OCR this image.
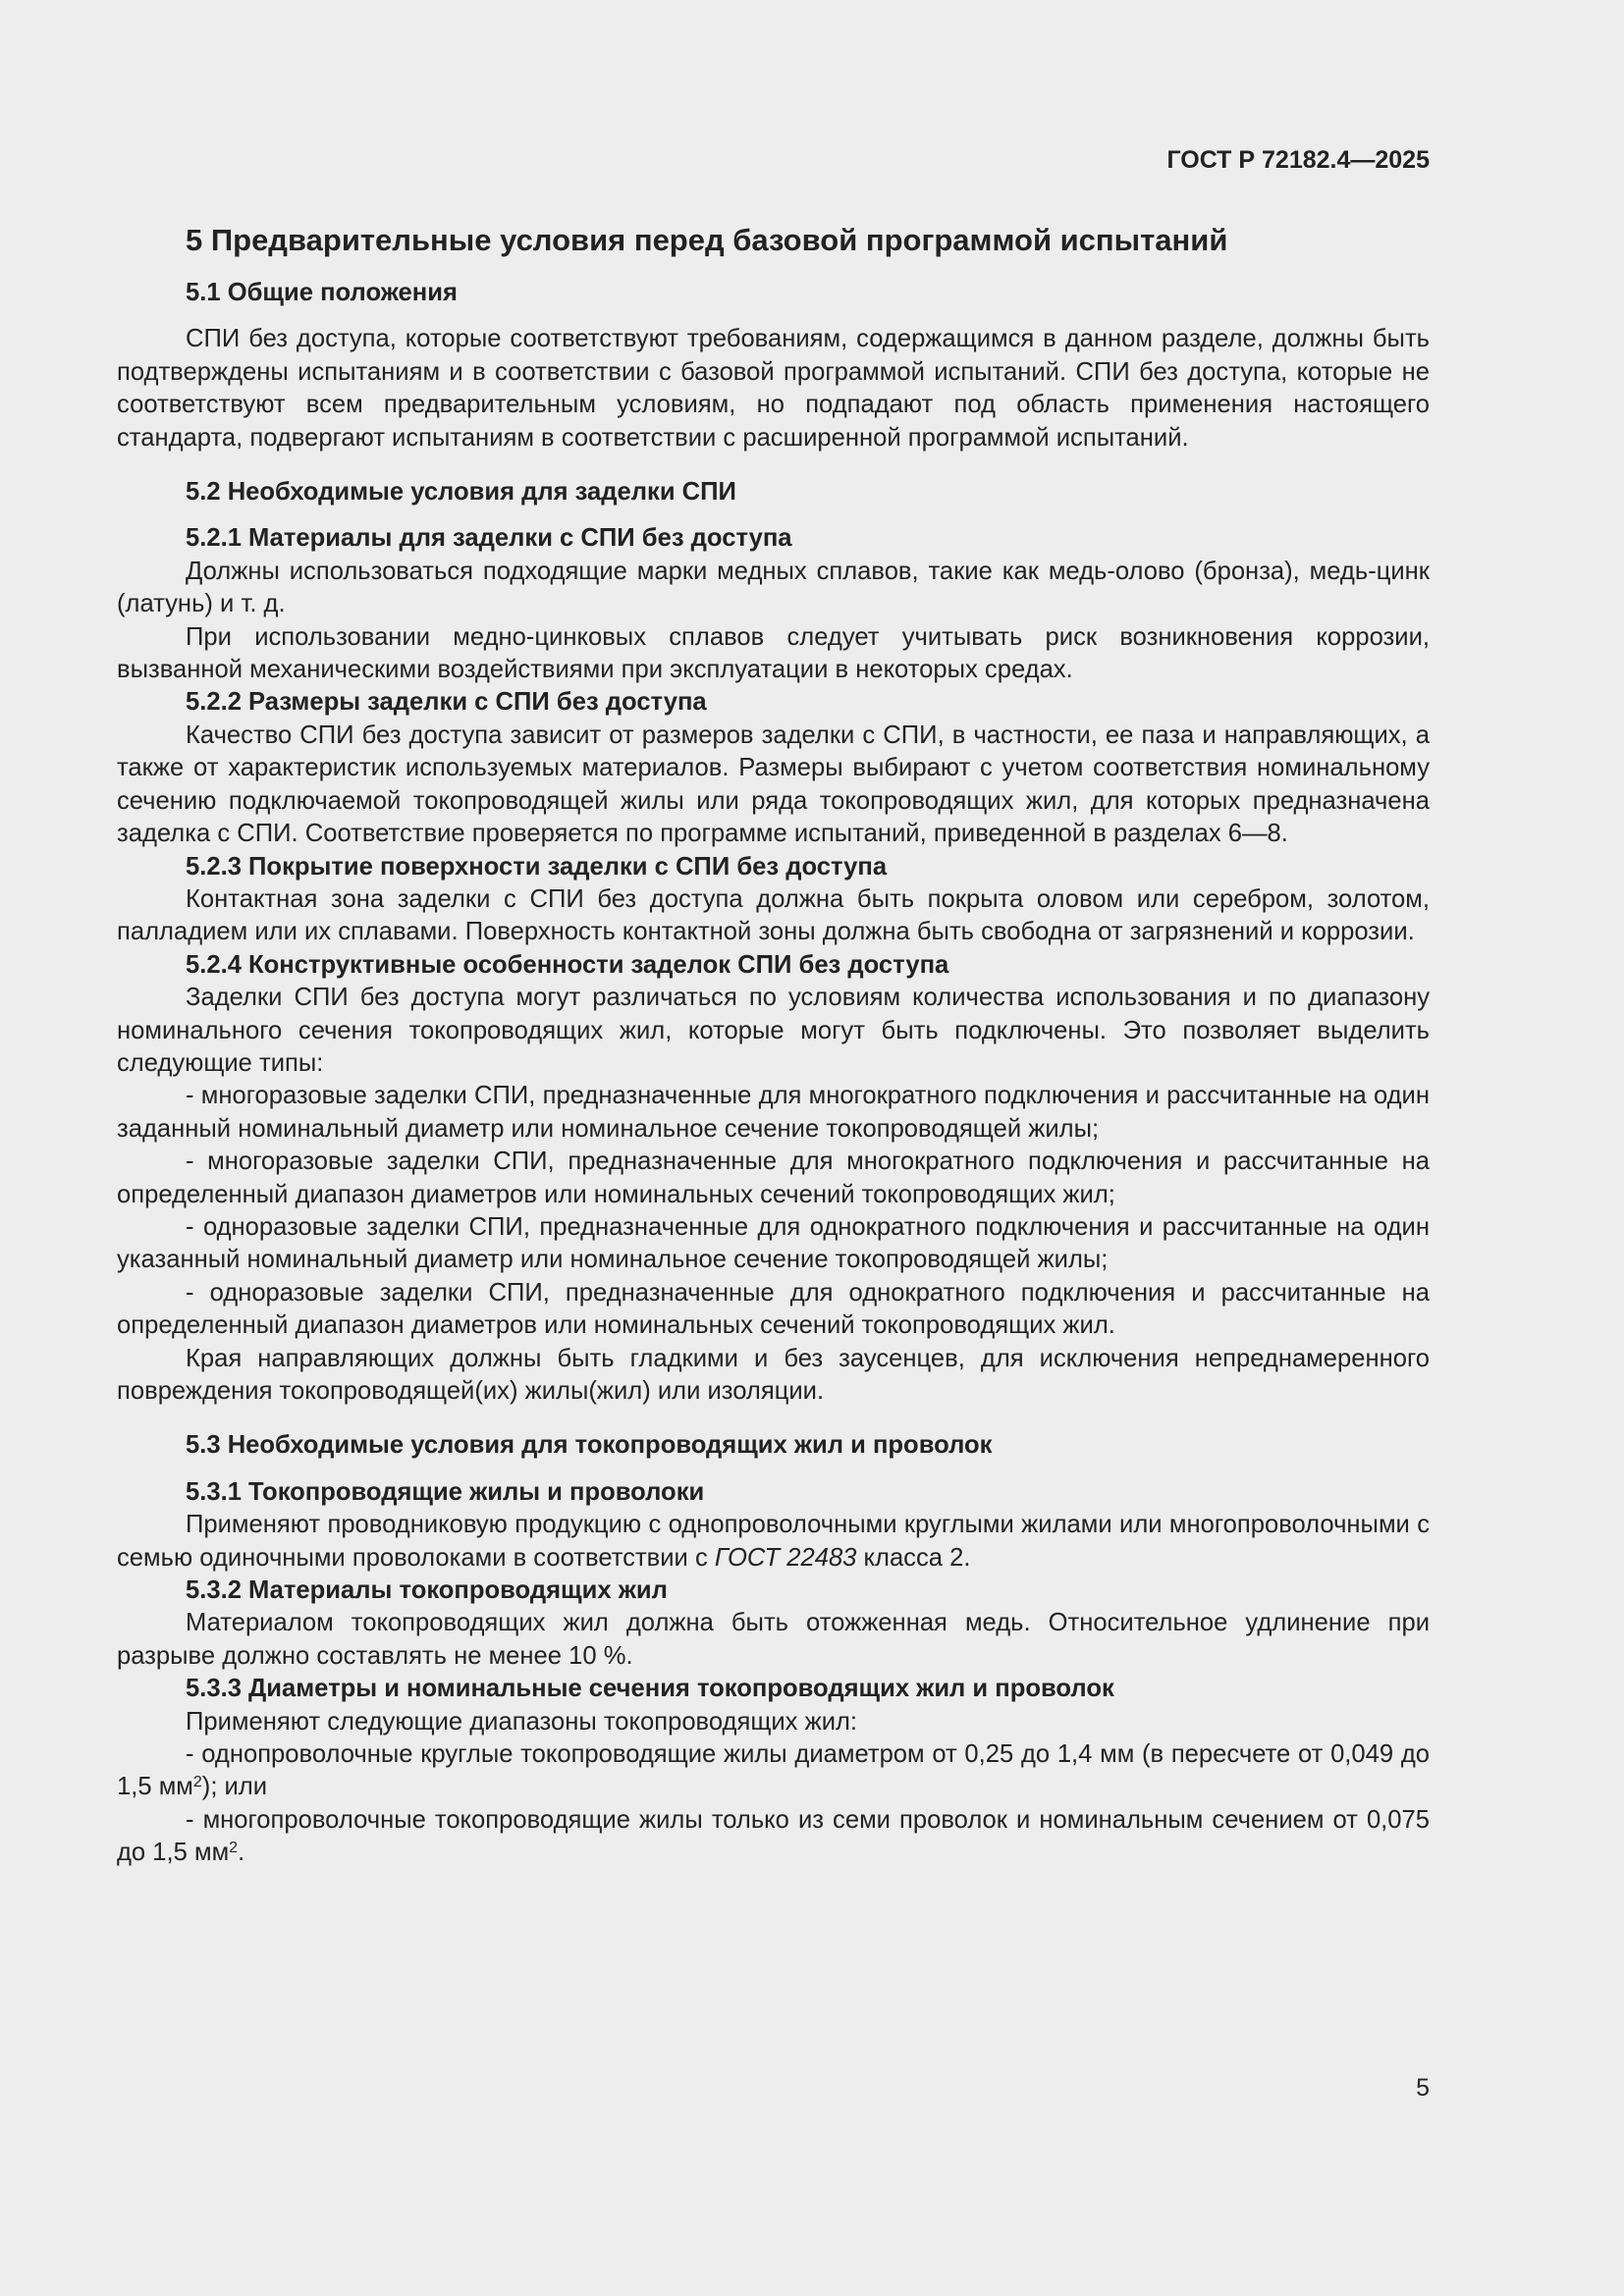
ГОСТ Р 72182.4—2025
5 Предварительные условия перед базовой программой испытаний
5.1 Общие положения

СПИ без доступа, которые соответствуют требованиям, содержащимся в данном разделе, должны быть подтверждены испытаниям и в соответствии с базовой программой испытаний. СПИ без доступа, которые не соответствуют всем предварительным условиям, но подпадают под область применения настоящего стандарта, подвергают испытаниям в соответствии с расширенной программой испытаний.

5.2 Необходимые условия для заделки СПИ
5.2.1 Материалы для заделки с СПИ без доступа

Должны использоваться подходящие марки медных сплавов, такие как медь-олово (бронза), медь-цинк (латунь) и т. д.

При использовании медно-цинковых сплавов следует учитывать риск возникновения коррозии, вызванной механическими воздействиями при эксплуатации в некоторых средах.

5.2.2 Размеры заделки с СПИ без доступа

Качество СПИ без доступа зависит от размеров заделки с СПИ, в частности, ее паза и направляющих, а также от характеристик используемых материалов. Размеры выбирают с учетом соответствия номинальному сечению подключаемой токопроводящей жилы или ряда токопроводящих жил, для которых предназначена заделка с СПИ. Соответствие проверяется по программе испытаний, приведенной в разделах 6—8.

5.2.3 Покрытие поверхности заделки с СПИ без доступа

Контактная зона заделки с СПИ без доступа должна быть покрыта оловом или серебром, золотом, палладием или их сплавами. Поверхность контактной зоны должна быть свободна от загрязнений и коррозии.

5.2.4 Конструктивные особенности заделок СПИ без доступа

Заделки СПИ без доступа могут различаться по условиям количества использования и по диапазону номинального сечения токопроводящих жил, которые могут быть подключены. Это позволяет выделить следующие типы:

- многоразовые заделки СПИ, предназначенные для многократного подключения и рассчитанные на один заданный номинальный диаметр или номинальное сечение токопроводящей жилы;

- многоразовые заделки СПИ, предназначенные для многократного подключения и рассчитанные на определенный диапазон диаметров или номинальных сечений токопроводящих жил;

- одноразовые заделки СПИ, предназначенные для однократного подключения и рассчитанные на один указанный номинальный диаметр или номинальное сечение токопроводящей жилы;

- одноразовые заделки СПИ, предназначенные для однократного подключения и рассчитанные на определенный диапазон диаметров или номинальных сечений токопроводящих жил.

Края направляющих должны быть гладкими и без заусенцев, для исключения непреднамеренного повреждения токопроводящей(их) жилы(жил) или изоляции.

5.3 Необходимые условия для токопроводящих жил и проволок
5.3.1 Токопроводящие жилы и проволоки

Применяют проводниковую продукцию с однопроволочными круглыми жилами или многопроволочными с семью одиночными проволоками в соответствии с ГОСТ 22483 класса 2.

5.3.2 Материалы токопроводящих жил

Материалом токопроводящих жил должна быть отожженная медь. Относительное удлинение при разрыве должно составлять не менее 10 %.

5.3.3 Диаметры и номинальные сечения токопроводящих жил и проволок

Применяют следующие диапазоны токопроводящих жил:

- однопроволочные круглые токопроводящие жилы диаметром от 0,25 до 1,4 мм (в пересчете от 0,049 до 1,5 $мм^2$); или

- многопроволочные токопроводящие жилы только из семи проволок и номинальным сечением от 0,075 до 1,5 $мм^2$.

5
